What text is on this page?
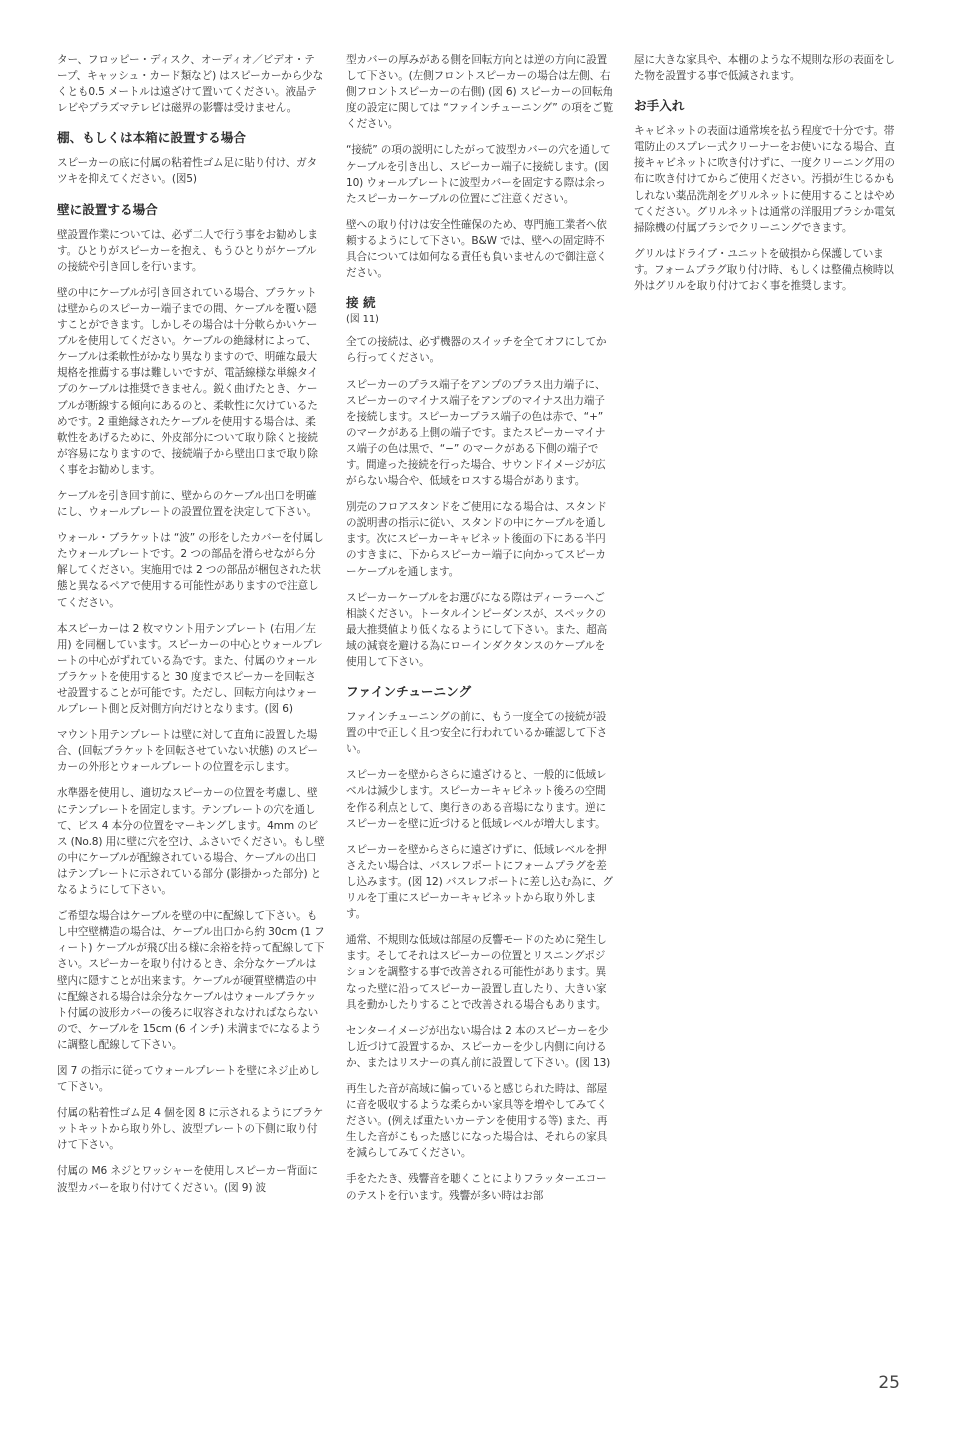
ター、フロッピー・ディスク、オーディオ／ビデオ・テープ、キャッシュ・カード類など) はスピーカーから少なくとも0.5 メートルは遠ざけて置いてください。液晶テレビやプラズマテレビは磁界の影響は受けません。

棚、もしくは本箱に設置する場合

スピーカーの底に付属の粘着性ゴム足に貼り付け、ガタツキを抑えてください。(図5)

壁に設置する場合

壁設置作業については、必ず二人で行う事をお勧めします。ひとりがスピーカーを抱え、もうひとりがケーブルの接続や引き回しを行います。

壁の中にケーブルが引き回されている場合、ブラケットは壁からのスピーカー端子までの間、ケーブルを覆い隠すことができます。しかしその場合は十分軟らかいケーブルを使用してください。ケーブルの絶縁材によって、ケーブルは柔軟性がかなり異なりますので、明確な最大規格を推薦する事は難しいですが、電話線様な単線タイプのケーブルは推奨できません。鋭く曲げたとき、ケーブルが断線する傾向にあるのと、柔軟性に欠けているためです。2 重絶縁されたケーブルを使用する場合は、柔軟性をあげるために、外皮部分について取り除くと接続が容易になりますので、接続端子から壁出口まで取り除く事をお勧めします。

ケーブルを引き回す前に、壁からのケーブル出口を明確にし、ウォールプレートの設置位置を決定して下さい。

ウォール・ブラケットは “波” の形をしたカバーを付属したウォールプレートです。2 つの部品を滑らせながら分解してください。実施用では 2 つの部品が梱包された状態と異なるペアで使用する可能性がありますので注意してください。

本スピーカーは 2 枚マウント用テンプレート (右用／左用) を同梱しています。スピーカーの中心とウォールプレートの中心がずれている為です。また、付属のウォールブラケットを使用すると 30 度までスピーカーを回転させ設置することが可能です。ただし、回転方向はウォールプレート側と反対側方向だけとなります。(図 6)

マウント用テンプレートは壁に対して直角に設置した場合、(回転ブラケットを回転させていない状態) のスピーカーの外形とウォールプレートの位置を示します。

水準器を使用し、適切なスピーカーの位置を考慮し、壁にテンプレートを固定します。テンプレートの穴を通して、ビス 4 本分の位置をマーキングします。4mm のビス (No.8) 用に壁に穴を空け、ふさいでください。もし壁の中にケーブルが配線されている場合、ケーブルの出口はテンプレートに示されている部分 (影掛かった部分) となるようにして下さい。

ご希望な場合はケーブルを壁の中に配線して下さい。もし中空壁構造の場合は、ケーブル出口から約 30cm (1 フィート) ケーブルが飛び出る様に余裕を持って配線して下さい。スピーカーを取り付けるとき、余分なケーブルは壁内に隠すことが出来ます。ケーブルが硬質壁構造の中に配線される場合は余分なケーブルはウォールブラケット付属の波形カバーの後ろに収容されなければならないので、ケーブルを 15cm (6 インチ) 未満までになるように調整し配線して下さい。

図 7 の指示に従ってウォールプレートを壁にネジ止めして下さい。

付属の粘着性ゴム足 4 個を図 8 に示されるようにブラケットキットから取り外し、波型プレートの下側に取り付けて下さい。

付属の M6 ネジとワッシャーを使用しスピーカー背面に波型カバーを取り付けてください。(図 9) 波

型カバーの厚みがある側を回転方向とは逆の方向に設置して下さい。(左側フロントスピーカーの場合は左側、右側フロントスピーカーの右側) (図 6) スピーカーの回転角度の設定に関しては “ファインチューニング” の項をご覧ください。

“接続” の項の説明にしたがって波型カバーの穴を通してケーブルを引き出し、スピーカー端子に接続します。(図 10) ウォールプレートに波型カバーを固定する際は余ったスピーカーケーブルの位置にご注意ください。

壁への取り付けは安全性確保のため、専門施工業者へ依頼するようにして下さい。B&W では、壁への固定時不具合については如何なる責任も負いませんので御注意ください。

接 続

(図 11)

全ての接続は、必ず機器のスイッチを全てオフにしてから行ってください。

スピーカーのプラス端子をアンプのプラス出力端子に、スピーカーのマイナス端子をアンプのマイナス出力端子を接続します。スピーカープラス端子の色は赤で、“+” のマークがある上側の端子です。またスピーカーマイナス端子の色は黒で、“−” のマークがある下側の端子です。間違った接続を行った場合、サウンドイメージが広がらない場合や、低域をロスする場合があります。

別売のフロアスタンドをご使用になる場合は、スタンドの説明書の指示に従い、スタンドの中にケーブルを通します。次にスピーカーキャビネット後面の下にある半円のすきまに、下からスピーカー端子に向かってスピーカーケーブルを通します。

スピーカーケーブルをお選びになる際はディーラーへご相談ください。トータルインピーダンスが、スペックの最大推奨値より低くなるようにして下さい。また、超高域の減衰を避ける為にローインダクタンスのケーブルを使用して下さい。

ファインチューニング

ファインチューニングの前に、もう一度全ての接続が設置の中で正しく且つ安全に行われているか確認して下さい。

スピーカーを壁からさらに遠ざけると、一般的に低域レベルは減少します。スピーカーキャビネット後ろの空間を作る利点として、奥行きのある音場になります。逆にスピーカーを壁に近づけると低域レベルが増大します。

スピーカーを壁からさらに遠ざけずに、低域レベルを押さえたい場合は、バスレフポートにフォームプラグを差し込みます。(図 12) バスレフポートに差し込む為に、グリルを丁重にスピーカーキャビネットから取り外します。

通常、不規則な低域は部屋の反響モードのために発生します。そしてそれはスピーカーの位置とリスニングポジションを調整する事で改善される可能性があります。異なった壁に沿ってスピーカー設置し直したり、大きい家具を動かしたりすることで改善される場合もあります。

センターイメージが出ない場合は 2 本のスピーカーを少し近づけて設置するか、スピーカーを少し内側に向けるか、またはリスナーの真ん前に設置して下さい。(図 13)

再生した音が高域に偏っていると感じられた時は、部屋に音を吸収するような柔らかい家具等を増やしてみてください。(例えば重たいカーテンを使用する等) また、再生した音がこもった感じになった場合は、それらの家具を減らしてみてください。

手をたたき、残響音を聴くことによりフラッターエコーのテストを行います。残響が多い時はお部

屋に大きな家具や、本棚のような不規則な形の表面をした物を設置する事で低減されます。

お手入れ

キャビネットの表面は通常埃を払う程度で十分です。帯電防止のスプレー式クリーナーをお使いになる場合、直接キャビネットに吹き付けずに、一度クリーニング用の布に吹き付けてからご使用ください。汚損が生じるかもしれない薬品洗剤をグリルネットに使用することはやめてください。グリルネットは通常の洋服用ブラシか電気掃除機の付属ブラシでクリーニングできます。

グリルはドライブ・ユニットを破損から保護しています。フォームプラグ取り付け時、もしくは整備点検時以外はグリルを取り付けておく事を推奨します。

25
